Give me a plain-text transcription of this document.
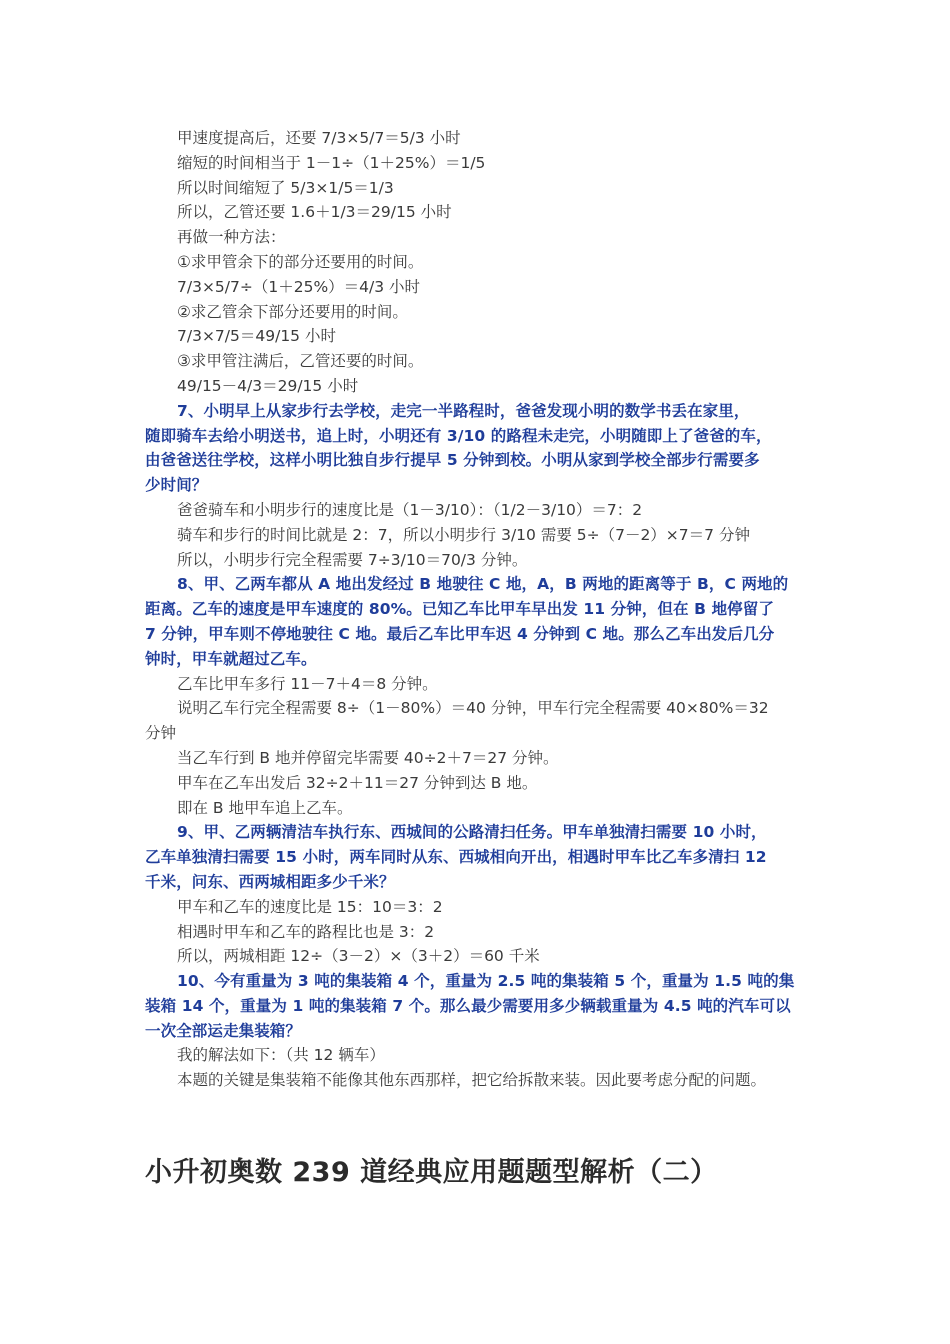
甲速度提高后，还要 7/3×5/7＝5/3 小时
缩短的时间相当于 1－1÷（1＋25%）＝1/5
所以时间缩短了 5/3×1/5＝1/3
所以，乙管还要 1.6＋1/3＝29/15 小时
再做一种方法：
①求甲管余下的部分还要用的时间。
7/3×5/7÷（1＋25%）＝4/3 小时
②求乙管余下部分还要用的时间。
7/3×7/5＝49/15 小时
③求甲管注满后，乙管还要的时间。
49/15－4/3＝29/15 小时
7、小明早上从家步行去学校，走完一半路程时，爸爸发现小明的数学书丢在家里，
随即骑车去给小明送书，追上时，小明还有 3/10 的路程未走完，小明随即上了爸爸的车，
由爸爸送往学校，这样小明比独自步行提早 5 分钟到校。小明从家到学校全部步行需要多
少时间？
爸爸骑车和小明步行的速度比是（1－3/10）：（1/2－3/10）＝7：2
骑车和步行的时间比就是 2：7，所以小明步行 3/10 需要 5÷（7－2）×7＝7 分钟
所以，小明步行完全程需要 7÷3/10＝70/3 分钟。
8、甲、乙两车都从 A 地出发经过 B 地驶往 C 地，A，B 两地的距离等于 B，C 两地的
距离。乙车的速度是甲车速度的 80%。已知乙车比甲车早出发 11 分钟，但在 B 地停留了
7 分钟，甲车则不停地驶往 C 地。最后乙车比甲车迟 4 分钟到 C 地。那么乙车出发后几分
钟时，甲车就超过乙车。
乙车比甲车多行 11－7＋4＝8 分钟。
说明乙车行完全程需要 8÷（1－80%）＝40 分钟，甲车行完全程需要 40×80%＝32
分钟
当乙车行到 B 地并停留完毕需要 40÷2＋7＝27 分钟。
甲车在乙车出发后 32÷2＋11＝27 分钟到达 B 地。
即在 B 地甲车追上乙车。
9、甲、乙两辆清洁车执行东、西城间的公路清扫任务。甲车单独清扫需要 10 小时，
乙车单独清扫需要 15 小时，两车同时从东、西城相向开出，相遇时甲车比乙车多清扫 12
千米，问东、西两城相距多少千米？
甲车和乙车的速度比是 15：10＝3：2
相遇时甲车和乙车的路程比也是 3：2
所以，两城相距 12÷（3－2）×（3＋2）＝60 千米
10、今有重量为 3 吨的集装箱 4 个，重量为 2.5 吨的集装箱 5 个，重量为 1.5 吨的集
装箱 14 个，重量为 1 吨的集装箱 7 个。那么最少需要用多少辆载重量为 4.5 吨的汽车可以
一次全部运走集装箱？
我的解法如下：（共 12 辆车）
本题的关键是集装箱不能像其他东西那样，把它给拆散来装。因此要考虑分配的问题。
小升初奥数 239 道经典应用题题型解析（二）
